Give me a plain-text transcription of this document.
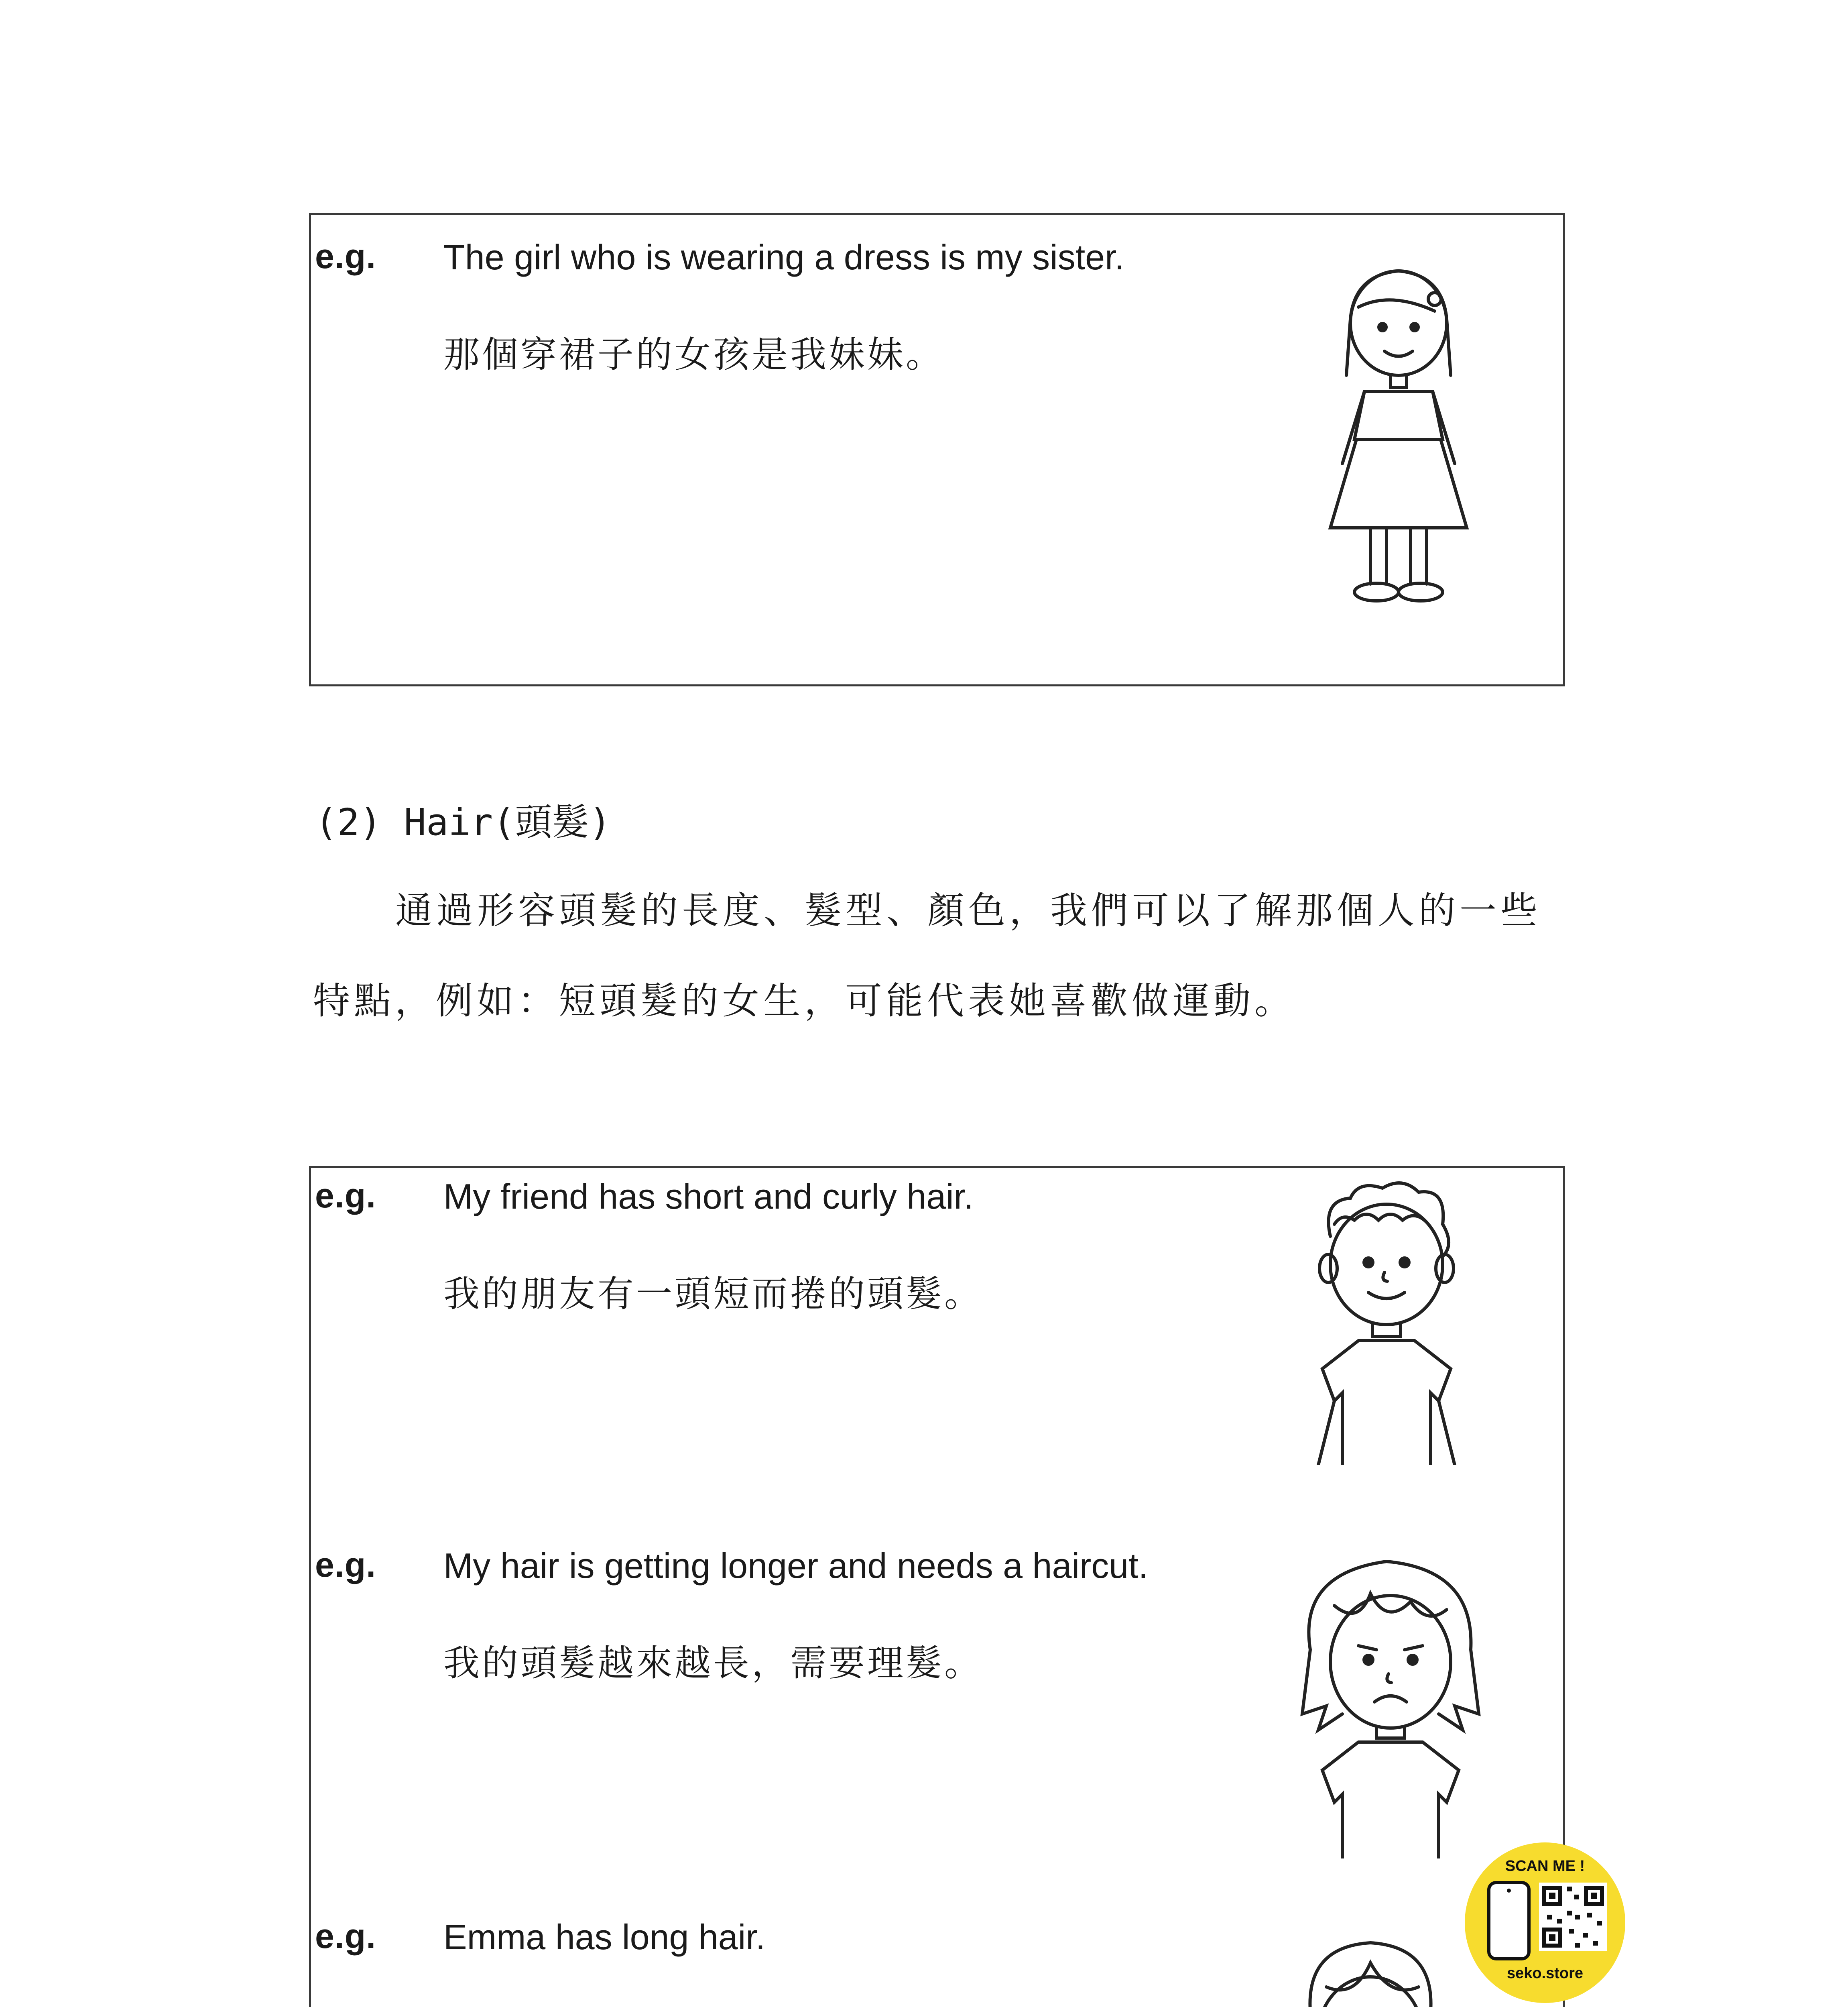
e.g. The girl who is wearing a dress is my sister.
那個穿裙子的女孩是我妹妹。
(2) Hair(頭髮)
通過形容頭髮的長度、髮型、顏色，我們可以了解那個人的一些
特點，例如：短頭髮的女生，可能代表她喜歡做運動。
e.g. My friend has short and curly hair.
我的朋友有一頭短而捲的頭髮。
e.g. My hair is getting longer and needs a haircut.
我的頭髮越來越長，需要理髮。
e.g. Emma has long hair.
SCAN ME !
seko.store
